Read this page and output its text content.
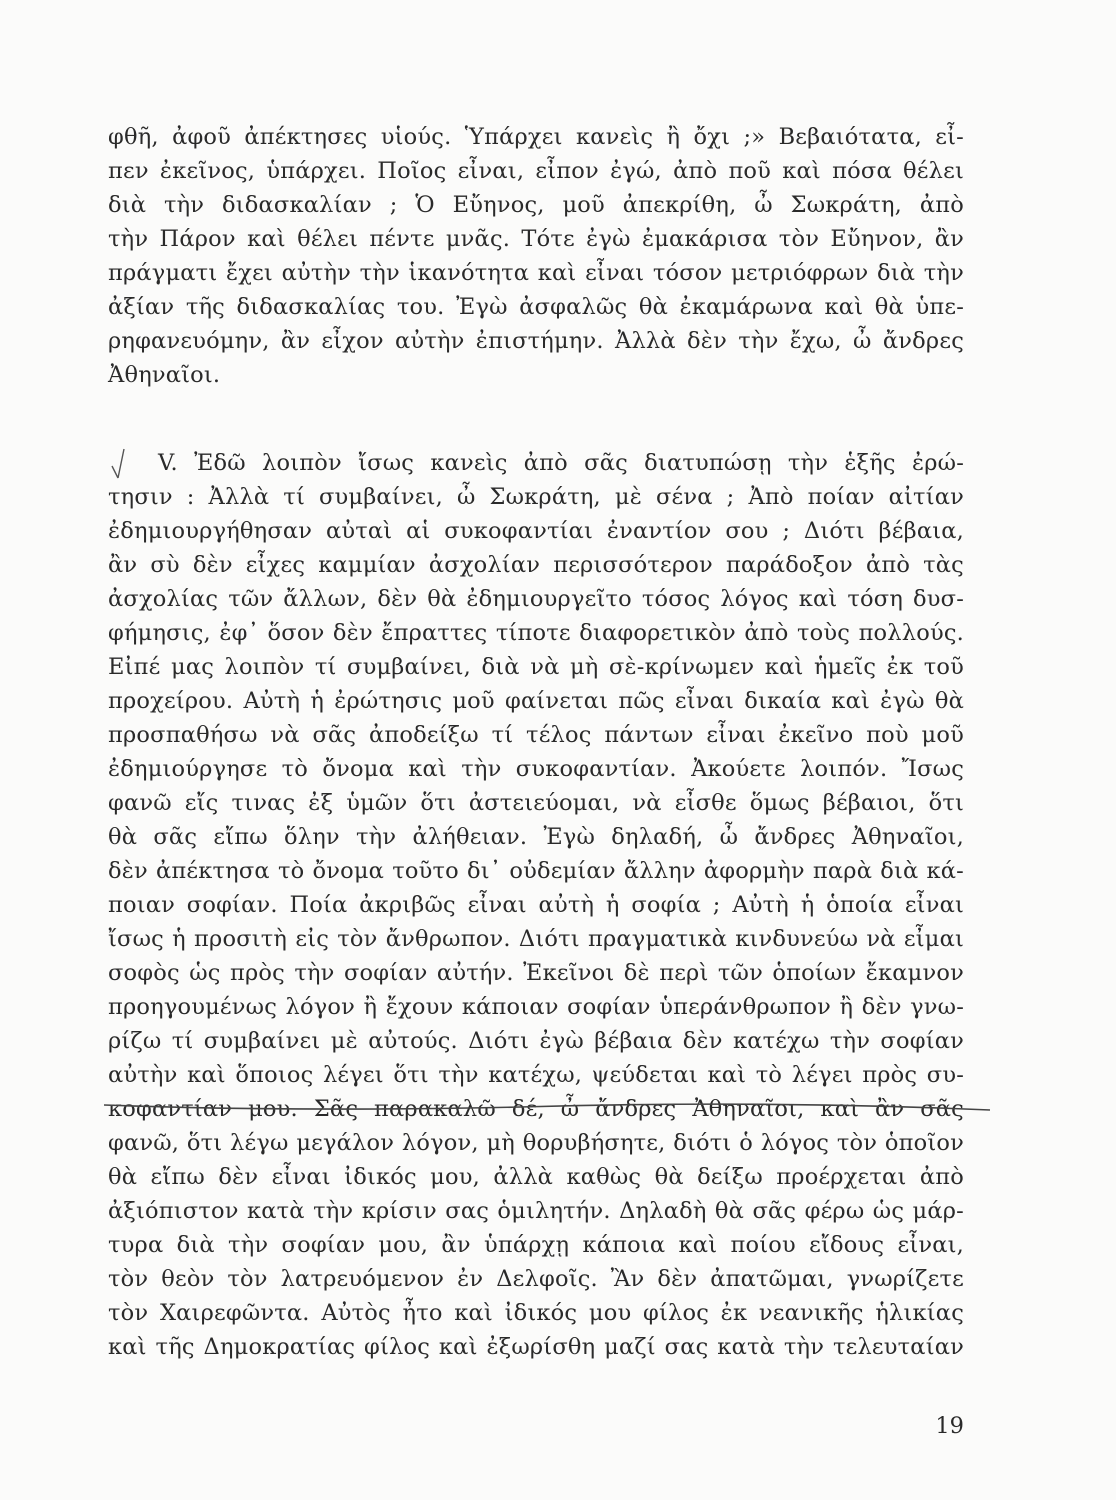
φθῆ, ἀφοῦ ἀπέκτησες υἱούς. Ὑπάρχει κανεὶς ἢ ὄχι ;» Βεβαιότατα, εἶ-
πεν ἐκεῖνος, ὑπάρχει. Ποῖος εἶναι, εἶπον ἐγώ, ἀπὸ ποῦ καὶ πόσα θέλει
διὰ τὴν διδασκαλίαν ; Ὁ Εὔηνος, μοῦ ἀπεκρίθη, ὦ Σωκράτη, ἀπὸ
τὴν Πάρον καὶ θέλει πέντε μνᾶς. Τότε ἐγὼ ἐμακάρισα τὸν Εὔηνον, ἂν
πράγματι ἔχει αὐτὴν τὴν ἱκανότητα καὶ εἶναι τόσον μετριόφρων διὰ τὴν
ἀξίαν τῆς διδασκαλίας του. Ἐγὼ ἀσφαλῶς θὰ ἐκαμάρωνα καὶ θὰ ὑπε-
ρηφανευόμην, ἂν εἶχον αὐτὴν ἐπιστήμην. Ἀλλὰ δὲν τὴν ἔχω, ὦ ἄνδρες
Ἀθηναῖοι.
V. Ἐδῶ λοιπὸν ἴσως κανεὶς ἀπὸ σᾶς διατυπώσῃ τὴν ἑξῆς ἐρώ-
τησιν : Ἀλλὰ τί συμβαίνει, ὦ Σωκράτη, μὲ σένα ; Ἀπὸ ποίαν αἰτίαν
ἐδημιουργήθησαν αὐταὶ αἱ συκοφαντίαι ἐναντίον σου ; Διότι βέβαια,
ἂν σὺ δὲν εἶχες καμμίαν ἀσχολίαν περισσότερον παράδοξον ἀπὸ τὰς
ἀσχολίας τῶν ἄλλων, δὲν θὰ ἐδημιουργεῖτο τόσος λόγος καὶ τόση δυσ-
φήμησις, ἐφ᾽ ὅσον δὲν ἔπραττες τίποτε διαφορετικὸν ἀπὸ τοὺς πολλούς.
Εἰπέ μας λοιπὸν τί συμβαίνει, διὰ νὰ μὴ σὲ-κρίνωμεν καὶ ἡμεῖς ἐκ τοῦ
προχείρου. Αὐτὴ ἡ ἐρώτησις μοῦ φαίνεται πῶς εἶναι δικαία καὶ ἐγὼ θὰ
προσπαθήσω νὰ σᾶς ἀποδείξω τί τέλος πάντων εἶναι ἐκεῖνο ποὺ μοῦ
ἐδημιούργησε τὸ ὄνομα καὶ τὴν συκοφαντίαν. Ἀκούετε λοιπόν. Ἴσως
φανῶ εἴς τινας ἐξ ὑμῶν ὅτι ἀστειεύομαι, νὰ εἶσθε ὅμως βέβαιοι, ὅτι
θὰ σᾶς εἴπω ὅλην τὴν ἀλήθειαν. Ἐγὼ δηλαδή, ὦ ἄνδρες Ἀθηναῖοι,
δὲν ἀπέκτησα τὸ ὄνομα τοῦτο δι᾽ οὐδεμίαν ἄλλην ἀφορμὴν παρὰ διὰ κά-
ποιαν σοφίαν. Ποία ἀκριβῶς εἶναι αὐτὴ ἡ σοφία ; Αὐτὴ ἡ ὁποία εἶναι
ἴσως ἡ προσιτὴ εἰς τὸν ἄνθρωπον. Διότι πραγματικὰ κινδυνεύω νὰ εἶμαι
σοφὸς ὡς πρὸς τὴν σοφίαν αὐτήν. Ἐκεῖνοι δὲ περὶ τῶν ὁποίων ἔκαμνον
προηγουμένως λόγον ἢ ἔχουν κάποιαν σοφίαν ὑπεράνθρωπον ἢ δὲν γνω-
ρίζω τί συμβαίνει μὲ αὐτούς. Διότι ἐγὼ βέβαια δὲν κατέχω τὴν σοφίαν
αὐτὴν καὶ ὅποιος λέγει ὅτι τὴν κατέχω, ψεύδεται καὶ τὸ λέγει πρὸς συ-
κοφαντίαν μου. Σᾶς παρακαλῶ δέ, ὦ ἄνδρες Ἀθηναῖοι, καὶ ἂν σᾶς
φανῶ, ὅτι λέγω μεγάλον λόγον, μὴ θορυβήσητε, διότι ὁ λόγος τὸν ὁποῖον
θὰ εἴπω δὲν εἶναι ἰδικός μου, ἀλλὰ καθὼς θὰ δείξω προέρχεται ἀπὸ
ἀξιόπιστον κατὰ τὴν κρίσιν σας ὁμιλητήν. Δηλαδὴ θὰ σᾶς φέρω ὡς μάρ-
τυρα διὰ τὴν σοφίαν μου, ἂν ὑπάρχῃ κάποια καὶ ποίου εἴδους εἶναι,
τὸν θεὸν τὸν λατρευόμενον ἐν Δελφοῖς. Ἂν δὲν ἀπατῶμαι, γνωρίζετε
τὸν Χαιρεφῶντα. Αὐτὸς ἦτο καὶ ἰδικός μου φίλος ἐκ νεανικῆς ἡλικίας
καὶ τῆς Δημοκρατίας φίλος καὶ ἐξωρίσθη μαζί σας κατὰ τὴν τελευταίαν
19
